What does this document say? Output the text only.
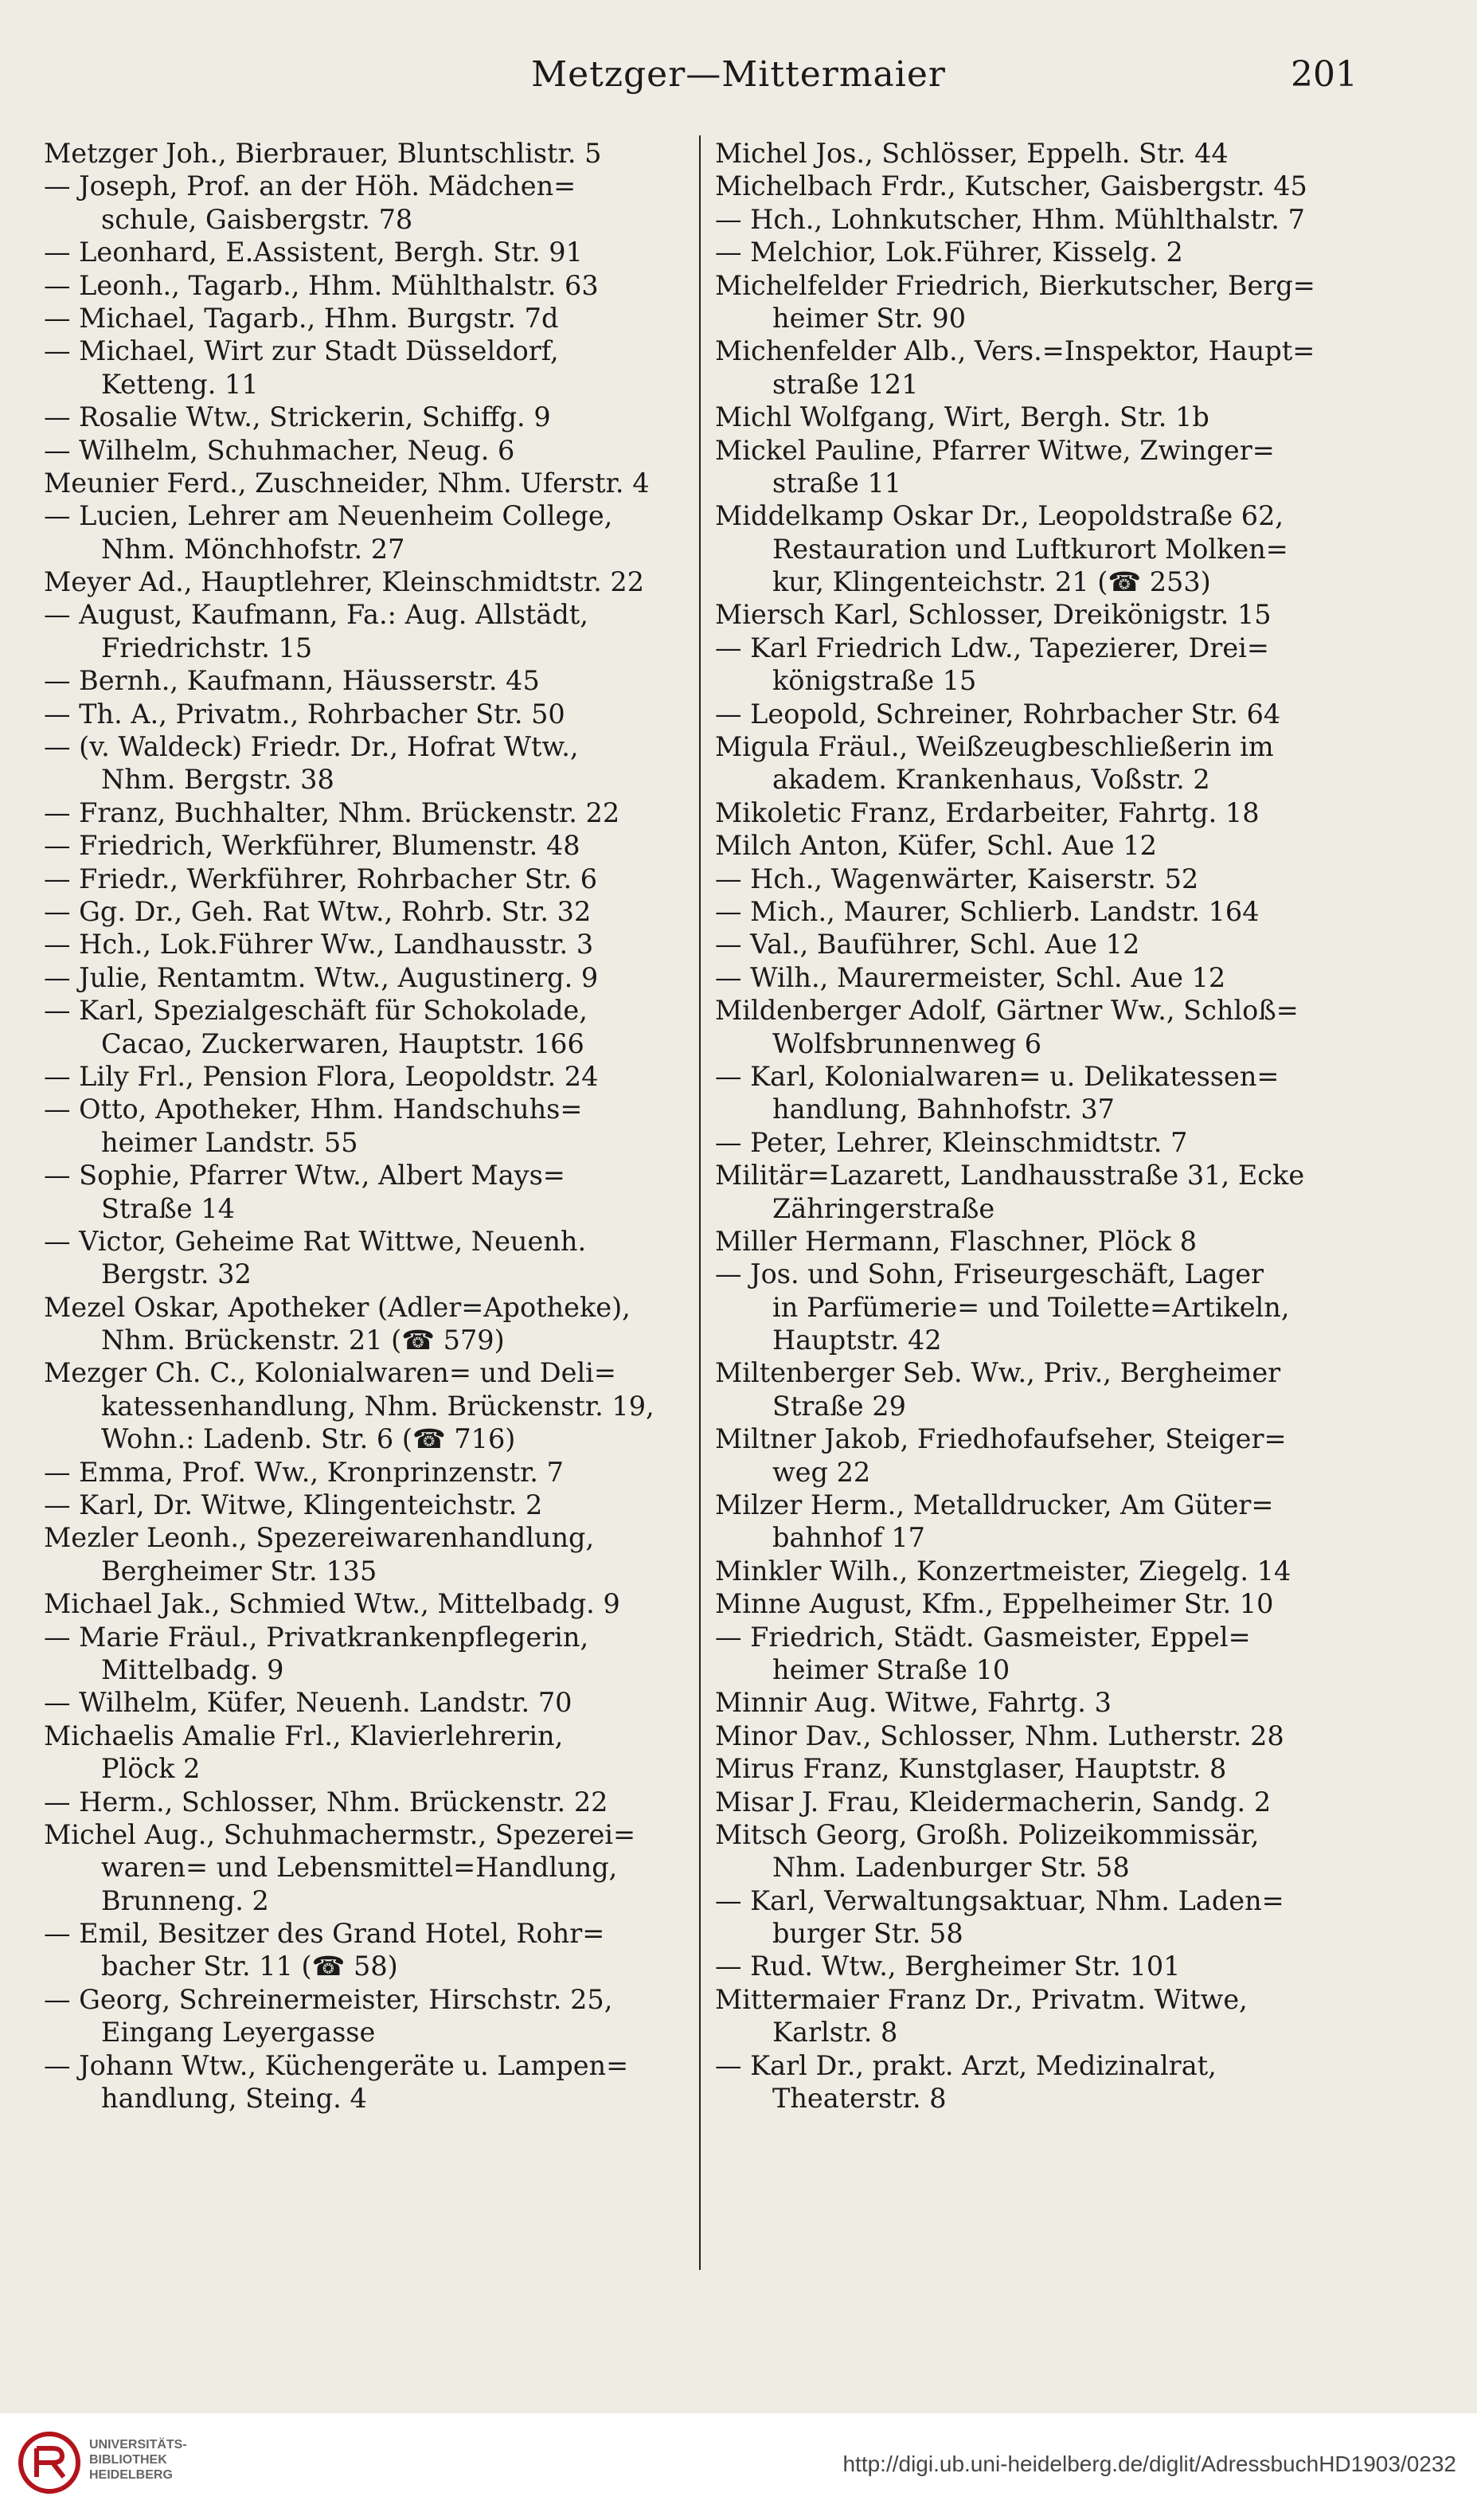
Metzger—Mittermaier	201
Metzger Joh., Bierbrauer, Bluntschlistr. 5
— Joseph, Prof. an der Höh. Mädchen=
schule, Gaisbergstr. 78
— Leonhard, E.Assistent, Bergh. Str. 91
— Leonh., Tagarb., Hhm. Mühlthalstr. 63
— Michael, Tagarb., Hhm. Burgstr. 7d
— Michael, Wirt zur Stadt Düsseldorf,
Ketteng. 11
— Rosalie Wtw., Strickerin, Schiffg. 9
— Wilhelm, Schuhmacher, Neug. 6
Meunier Ferd., Zuschneider, Nhm. Uferstr. 4
— Lucien, Lehrer am Neuenheim College,
Nhm. Mönchhofstr. 27
Meyer Ad., Hauptlehrer, Kleinschmidtstr. 22
— August, Kaufmann, Fa.: Aug. Allstädt,
Friedrichstr. 15
— Bernh., Kaufmann, Häusserstr. 45
— Th. A., Privatm., Rohrbacher Str. 50
— (v. Waldeck) Friedr. Dr., Hofrat Wtw.,
Nhm. Bergstr. 38
— Franz, Buchhalter, Nhm. Brückenstr. 22
— Friedrich, Werkführer, Blumenstr. 48
— Friedr., Werkführer, Rohrbacher Str. 6
— Gg. Dr., Geh. Rat Wtw., Rohrb. Str. 32
— Hch., Lok.Führer Ww., Landhausstr. 3
— Julie, Rentamtm. Wtw., Augustinerg. 9
— Karl, Spezialgeschäft für Schokolade,
Cacao, Zuckerwaren, Hauptstr. 166
— Lily Frl., Pension Flora, Leopoldstr. 24
— Otto, Apotheker, Hhm. Handschuhs=
heimer Landstr. 55
— Sophie, Pfarrer Wtw., Albert Mays=
Straße 14
— Victor, Geheime Rat Wittwe, Neuenh.
Bergstr. 32
Mezel Oskar, Apotheker (Adler=Apotheke),
Nhm. Brückenstr. 21 (☎ 579)
Mezger Ch. C., Kolonialwaren= und Deli=
katessenhandlung, Nhm. Brückenstr. 19,
Wohn.: Ladenb. Str. 6 (☎ 716)
— Emma, Prof. Ww., Kronprinzenstr. 7
— Karl, Dr. Witwe, Klingenteichstr. 2
Mezler Leonh., Spezereiwarenhandlung,
Bergheimer Str. 135
Michael Jak., Schmied Wtw., Mittelbadg. 9
— Marie Fräul., Privatkrankenpflegerin,
Mittelbadg. 9
— Wilhelm, Küfer, Neuenh. Landstr. 70
Michaelis Amalie Frl., Klavierlehrerin,
Plöck 2
— Herm., Schlosser, Nhm. Brückenstr. 22
Michel Aug., Schuhmachermstr., Spezerei=
waren= und Lebensmittel=Handlung,
Brunneng. 2
— Emil, Besitzer des Grand Hotel, Rohr=
bacher Str. 11 (☎ 58)
— Georg, Schreinermeister, Hirschstr. 25,
Eingang Leyergasse
— Johann Wtw., Küchengeräte u. Lampen=
handlung, Steing. 4
Michel Jos., Schlösser, Eppelh. Str. 44
Michelbach Frdr., Kutscher, Gaisbergstr. 45
— Hch., Lohnkutscher, Hhm. Mühlthalstr. 7
— Melchior, Lok.Führer, Kisselg. 2
Michelfelder Friedrich, Bierkutscher, Berg=
heimer Str. 90
Michenfelder Alb., Vers.=Inspektor, Haupt=
straße 121
Michl Wolfgang, Wirt, Bergh. Str. 1b
Mickel Pauline, Pfarrer Witwe, Zwinger=
straße 11
Middelkamp Oskar Dr., Leopoldstraße 62,
Restauration und Luftkurort Molken=
kur, Klingenteichstr. 21 (☎ 253)
Miersch Karl, Schlosser, Dreikönigstr. 15
— Karl Friedrich Ldw., Tapezierer, Drei=
königstraße 15
— Leopold, Schreiner, Rohrbacher Str. 64
Migula Fräul., Weißzeugbeschließerin im
akadem. Krankenhaus, Voßstr. 2
Mikoletic Franz, Erdarbeiter, Fahrtg. 18
Milch Anton, Küfer, Schl. Aue 12
— Hch., Wagenwärter, Kaiserstr. 52
— Mich., Maurer, Schlierb. Landstr. 164
— Val., Bauführer, Schl. Aue 12
— Wilh., Maurermeister, Schl. Aue 12
Mildenberger Adolf, Gärtner Ww., Schloß=
Wolfsbrunnenweg 6
— Karl, Kolonialwaren= u. Delikatessen=
handlung, Bahnhofstr. 37
— Peter, Lehrer, Kleinschmidtstr. 7
Militär=Lazarett, Landhausstraße 31, Ecke
Zähringerstraße
Miller Hermann, Flaschner, Plöck 8
— Jos. und Sohn, Friseurgeschäft, Lager
in Parfümerie= und Toilette=Artikeln,
Hauptstr. 42
Miltenberger Seb. Ww., Priv., Bergheimer
Straße 29
Miltner Jakob, Friedhofaufseher, Steiger=
weg 22
Milzer Herm., Metalldrucker, Am Güter=
bahnhof 17
Minkler Wilh., Konzertmeister, Ziegelg. 14
Minne August, Kfm., Eppelheimer Str. 10
— Friedrich, Städt. Gasmeister, Eppel=
heimer Straße 10
Minnir Aug. Witwe, Fahrtg. 3
Minor Dav., Schlosser, Nhm. Lutherstr. 28
Mirus Franz, Kunstglaser, Hauptstr. 8
Misar J. Frau, Kleidermacherin, Sandg. 2
Mitsch Georg, Großh. Polizeikommissär,
Nhm. Ladenburger Str. 58
— Karl, Verwaltungsaktuar, Nhm. Laden=
burger Str. 58
— Rud. Wtw., Bergheimer Str. 101
Mittermaier Franz Dr., Privatm. Witwe,
Karlstr. 8
— Karl Dr., prakt. Arzt, Medizinalrat,
Theaterstr. 8
UNIVERSITÄTS-
BIBLIOTHEK
HEIDELBERG	http://digi.ub.uni-heidelberg.de/diglit/AdressbuchHD1903/0232
